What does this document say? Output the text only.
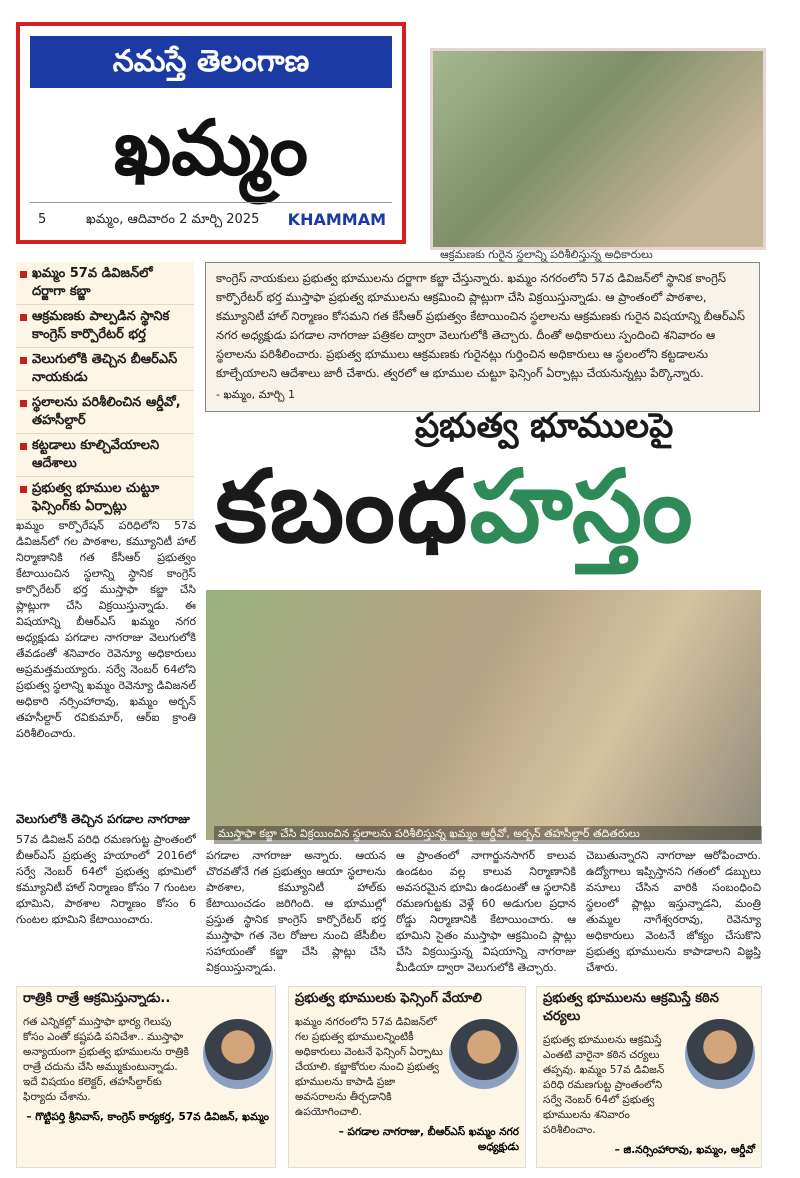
నమస్తే తెలంగాణ
ఖమ్మం
5	ఖమ్మం, ఆదివారం 2 మార్చి 2025 KHAMMAM
ఆక్రమణకు గురైన స్థలాన్ని పరిశీలిస్తున్న అధికారులు
ఖమ్మం 57వ డివిజన్‌లో దర్జాగా కబ్జా
ఆక్రమణకు పాల్పడిన స్థానిక కాంగ్రెస్ కార్పొరేటర్ భర్త
వెలుగులోకి తెచ్చిన బీఆర్ఎస్ నాయకుడు
స్థలాలను పరిశీలించిన ఆర్డీవో, తహసీల్దార్
కట్టడాలు కూల్చివేయాలని ఆదేశాలు
ప్రభుత్వ భూముల చుట్టూ ఫెన్సింగ్‌కు ఏర్పాట్లు
కాంగ్రెస్ నాయకులు ప్రభుత్వ భూములను దర్జాగా కబ్జా చేస్తున్నారు. ఖమ్మం నగరంలోని 57వ డివిజన్‌లో స్థానిక కాంగ్రెస్ కార్పొరేటర్ భర్త ముస్తాఫా ప్రభుత్వ భూములను ఆక్రమించి ప్లాట్లుగా చేసి విక్రయిస్తున్నాడు. ఆ ప్రాంతంలో పాఠశాల, కమ్యూనిటీ హాల్ నిర్మాణం కోసమని గత కేసీఆర్ ప్రభుత్వం కేటాయించిన స్థలాలను ఆక్రమణకు గురైన విషయాన్ని బీఆర్ఎస్ నగర అధ్యక్షుడు పగడాల నాగరాజు పత్రికల ద్వారా వెలుగులోకి తెచ్చారు. దీంతో అధికారులు స్పందించి శనివారం ఆ స్థలాలను పరిశీలించారు. ప్రభుత్వ భూములు ఆక్రమణకు గురైనట్లు గుర్తించిన అధికారులు ఆ స్థలంలోని కట్టడాలను కూల్చేయాలని ఆదేశాలు జారీ చేశారు. త్వరలో ఆ భూముల చుట్టూ ఫెన్సింగ్ ఏర్పాట్లు చేయనున్నట్లు పేర్కొన్నారు.
- ఖమ్మం, మార్చి 1
ప్రభుత్వ భూములపై
కబంధహస్తం
ఖమ్మం కార్పొరేషన్ పరిధిలోని 57వ డివిజన్‌లో గల పాఠశాల, కమ్యూనిటీ హాల్ నిర్మాణానికి గత కేసీఆర్ ప్రభుత్వం కేటాయించిన స్థలాన్ని స్థానిక కాంగ్రెస్ కార్పొరేటర్ భర్త ముస్తాఫా కబ్జా చేసి ప్లాట్లుగా చేసి విక్రయిస్తున్నాడు. ఈ విషయాన్ని బీఆర్ఎస్ ఖమ్మం నగర అధ్యక్షుడు పగడాల నాగరాజు వెలుగులోకి తేవడంతో శనివారం రెవెన్యూ అధికారులు అప్రమత్తమయ్యారు. సర్వే నెంబర్ 64లోని ప్రభుత్వ స్థలాన్ని ఖమ్మం రెవెన్యూ డివిజనల్ అధికారి నర్సింహారావు, ఖమ్మం అర్బన్ తహసీల్దార్ రవికుమార్, ఆర్ఐ క్రాంతి పరిశీలించారు.
వెలుగులోకి తెచ్చిన పగడాల నాగరాజు
57వ డివిజన్ పరిధి రమణగుట్ట ప్రాంతంలో బీఆర్ఎస్ ప్రభుత్వ హయాంలో 2016లో సర్వే నెంబర్ 64లో ప్రభుత్వ భూమిలో కమ్యూనిటీ హాల్ నిర్మాణం కోసం 7 గుంటల భూమిని, పాఠశాల నిర్మాణం కోసం 6 గుంటల భూమిని కేటాయించారు.
ముస్తాఫా కబ్జా చేసి విక్రయించిన స్థలాలను పరిశీలిస్తున్న ఖమ్మం ఆర్డీవో, అర్బన్ తహసీల్దార్ తదితరులు
పగడాల నాగరాజు అన్నారు. ఆయన చొరవతోనే గత ప్రభుత్వం ఆయా స్థలాలను పాఠశాల, కమ్యూనిటీ హాల్‌కు కేటాయించడం జరిగింది. ఆ భూముల్లో ప్రస్తుత స్థానిక కాంగ్రెస్ కార్పొరేటర్ భర్త ముస్తాఫా గత నెల రోజుల నుంచి జేసీబీల సహాయంతో కబ్జా చేసి ప్లాట్లు చేసి విక్రయిస్తున్నాడు.
ఆ ప్రాంతంలో నాగార్జునసాగర్ కాలువ ఉండటం వల్ల కాలువ నిర్మాణానికి అవసరమైన భూమి ఉండటంతో ఆ స్థలానికి రమణగుట్టకు వెళ్లే 60 అడుగుల ప్రధాన రోడ్డు నిర్మాణానికి కేటాయించారు. ఆ భూమిని సైతం ముస్తాఫా ఆక్రమించి ప్లాట్లు చేసి విక్రయిస్తున్న విషయాన్ని నాగరాజు మీడియా ద్వారా వెలుగులోకి తెచ్చారు.
చెబుతున్నారని నాగరాజు ఆరోపించారు. ఉద్యోగాలు ఇప్పిస్తానని గతంలో డబ్బులు వసూలు చేసిన వారికి సంబంధించి స్థలంలో ప్లాట్లు ఇస్తున్నాడని, మంత్రి తుమ్మల నాగేశ్వరరావు, రెవెన్యూ అధికారులు వెంటనే జోక్యం చేసుకొని ప్రభుత్వ భూములను కాపాడాలని విజ్ఞప్తి చేశారు.
రాత్రికి రాత్రే ఆక్రమిస్తున్నాడు..

గత ఎన్నికల్లో ముస్తాఫా భార్య గెలుపు కోసం ఎంతో కష్టపడి పనిచేశా.. ముస్తాఫా అన్యాయంగా ప్రభుత్వ భూములను రాత్రికి రాత్రే చదును చేసి అమ్ముకుంటున్నాడు. ఇదే విషయం కలెక్టర్, తహసీల్దార్‌కు ఫిర్యాదు చేశాను.

– గొట్టిపర్తి శ్రీనివాస్, కాంగ్రెస్ కార్యకర్త, 57వ డివిజన్, ఖమ్మం
ప్రభుత్వ భూములకు ఫెన్సింగ్ వేయాలి

ఖమ్మం నగరంలోని 57వ డివిజన్‌లో గల ప్రభుత్వ భూములన్నింటికీ అధికారులు వెంటనే ఫెన్సింగ్ ఏర్పాటు చేయాలి. కబ్జాకోరుల నుంచి ప్రభుత్వ భూములను కాపాడి ప్రజా అవసరాలను తీర్చడానికి ఉపయోగించాలి.

– పగడాల నాగరాజు, బీఆర్ఎస్ ఖమ్మం నగర అధ్యక్షుడు
ప్రభుత్వ భూములను ఆక్రమిస్తే కఠిన చర్యలు

ప్రభుత్వ భూములను ఆక్రమిస్తే ఎంతటి వారైనా కఠిన చర్యలు తప్పవు. ఖమ్మం 57వ డివిజన్ పరిధి రమణగుట్ట ప్రాంతంలోని సర్వే నెంబర్ 64లో ప్రభుత్వ భూములను శనివారం పరిశీలించాం.

– జి.నర్సింహారావు, ఖమ్మం, ఆర్డీవో
